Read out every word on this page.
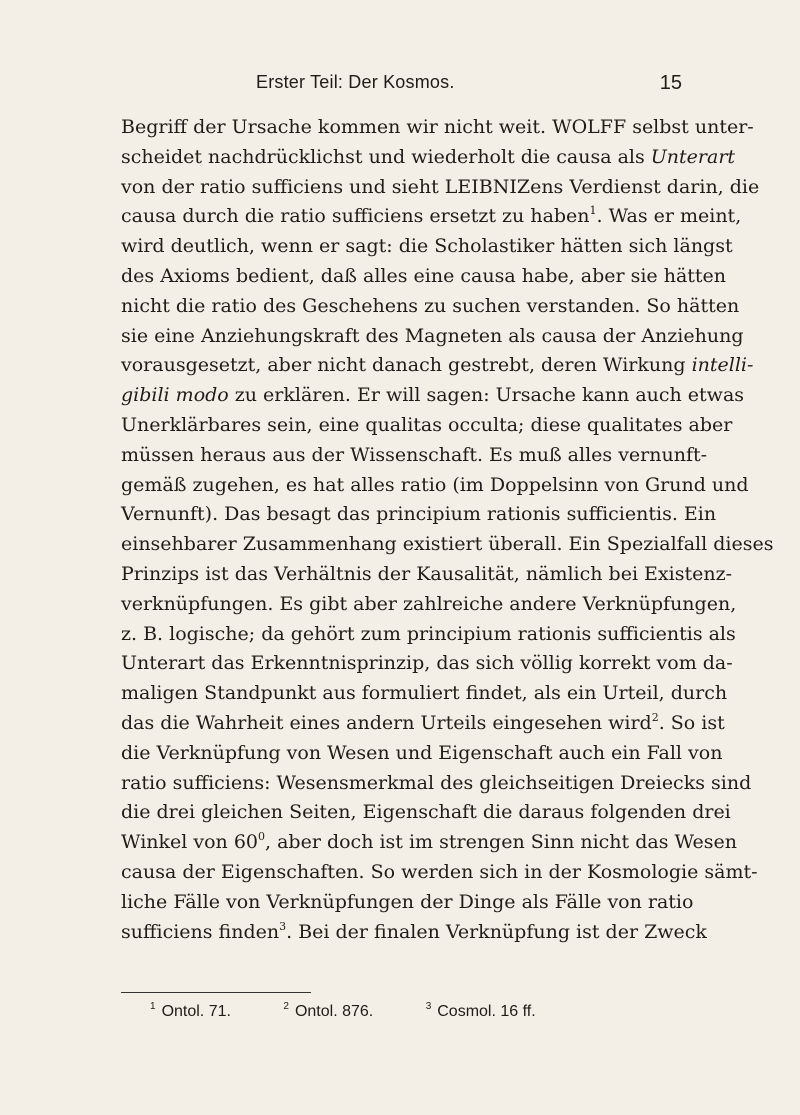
Erster Teil: Der Kosmos.	15
Begriff der Ursache kommen wir nicht weit. WOLFF selbst unter-
scheidet nachdrücklichst und wiederholt die causa als Unterart
von der ratio sufficiens und sieht LEIBNIZens Verdienst darin, die
causa durch die ratio sufficiens ersetzt zu haben$^1$. Was er meint,
wird deutlich, wenn er sagt: die Scholastiker hätten sich längst
des Axioms bedient, daß alles eine causa habe, aber sie hätten
nicht die ratio des Geschehens zu suchen verstanden. So hätten
sie eine Anziehungskraft des Magneten als causa der Anziehung
vorausgesetzt, aber nicht danach gestrebt, deren Wirkung intelli-
gibili modo zu erklären. Er will sagen: Ursache kann auch etwas
Unerklärbares sein, eine qualitas occulta; diese qualitates aber
müssen heraus aus der Wissenschaft. Es muß alles vernunft-
gemäß zugehen, es hat alles ratio (im Doppelsinn von Grund und
Vernunft). Das besagt das principium rationis sufficientis. Ein
einsehbarer Zusammenhang existiert überall. Ein Spezialfall dieses
Prinzips ist das Verhältnis der Kausalität, nämlich bei Existenz-
verknüpfungen. Es gibt aber zahlreiche andere Verknüpfungen,
z. B. logische; da gehört zum principium rationis sufficientis als
Unterart das Erkenntnisprinzip, das sich völlig korrekt vom da-
maligen Standpunkt aus formuliert findet, als ein Urteil, durch
das die Wahrheit eines andern Urteils eingesehen wird$^2$. So ist
die Verknüpfung von Wesen und Eigenschaft auch ein Fall von
ratio sufficiens: Wesensmerkmal des gleichseitigen Dreiecks sind
die drei gleichen Seiten, Eigenschaft die daraus folgenden drei
Winkel von $60^0$, aber doch ist im strengen Sinn nicht das Wesen
causa der Eigenschaften. So werden sich in der Kosmologie sämt-
liche Fälle von Verknüpfungen der Dinge als Fälle von ratio
sufficiens finden$^3$. Bei der finalen Verknüpfung ist der Zweck
$^1$ Ontol. 71.	$^2$ Ontol. 876.	$^3$ Cosmol. 16 ff.
